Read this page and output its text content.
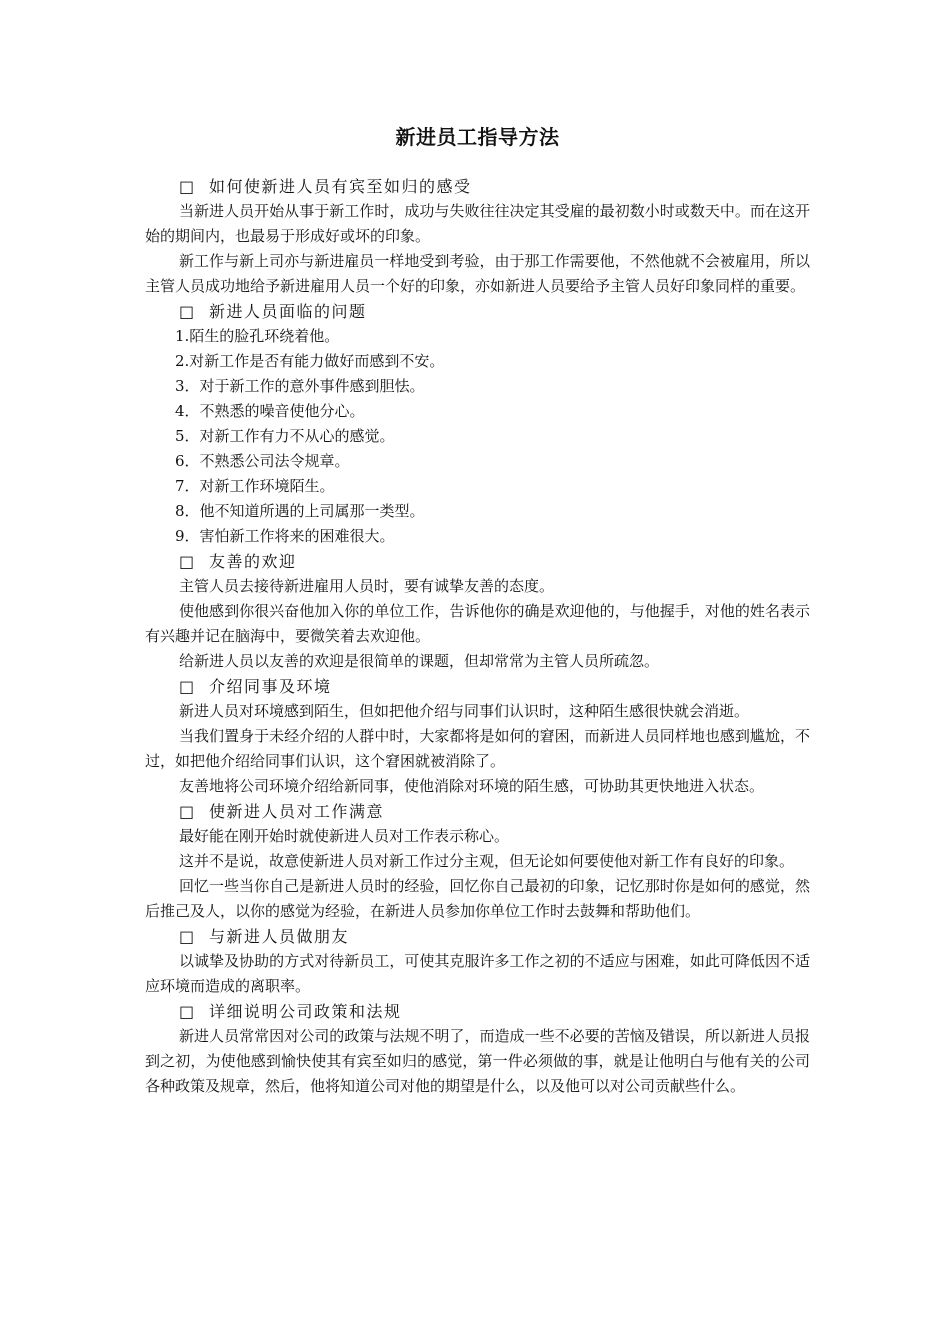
新进员工指导方法
□ 如何使新进人员有宾至如归的感受

当新进人员开始从事于新工作时，成功与失败往往决定其受雇的最初数小时或数天中。而在这开始的期间内，也最易于形成好或坏的印象。

新工作与新上司亦与新进雇员一样地受到考验，由于那工作需要他，不然他就不会被雇用，所以主管人员成功地给予新进雇用人员一个好的印象，亦如新进人员要给予主管人员好印象同样的重要。

□ 新进人员面临的问题

1.陌生的脸孔环绕着他。

2.对新工作是否有能力做好而感到不安。

3．对于新工作的意外事件感到胆怯。

4．不熟悉的噪音使他分心。

5．对新工作有力不从心的感觉。

6．不熟悉公司法令规章。

7．对新工作环境陌生。

8．他不知道所遇的上司属那一类型。

9．害怕新工作将来的困难很大。

□ 友善的欢迎

主管人员去接待新进雇用人员时，要有诚挚友善的态度。

使他感到你很兴奋他加入你的单位工作，告诉他你的确是欢迎他的，与他握手，对他的姓名表示有兴趣并记在脑海中，要微笑着去欢迎他。

给新进人员以友善的欢迎是很简单的课题，但却常常为主管人员所疏忽。

□ 介绍同事及环境

新进人员对环境感到陌生，但如把他介绍与同事们认识时，这种陌生感很快就会消逝。

当我们置身于未经介绍的人群中时，大家都将是如何的窘困，而新进人员同样地也感到尴尬，不过，如把他介绍给同事们认识，这个窘困就被消除了。

友善地将公司环境介绍给新同事，使他消除对环境的陌生感，可协助其更快地进入状态。

□ 使新进人员对工作满意

最好能在刚开始时就使新进人员对工作表示称心。

这并不是说，故意使新进人员对新工作过分主观，但无论如何要使他对新工作有良好的印象。

回忆一些当你自己是新进人员时的经验，回忆你自己最初的印象，记忆那时你是如何的感觉，然后推己及人，以你的感觉为经验，在新进人员参加你单位工作时去鼓舞和帮助他们。

□ 与新进人员做朋友

以诚挚及协助的方式对待新员工，可使其克服许多工作之初的不适应与困难，如此可降低因不适应环境而造成的离职率。

□ 详细说明公司政策和法规

新进人员常常因对公司的政策与法规不明了，而造成一些不必要的苦恼及错误，所以新进人员报到之初，为使他感到愉快使其有宾至如归的感觉，第一件必须做的事，就是让他明白与他有关的公司各种政策及规章，然后，他将知道公司对他的期望是什么，以及他可以对公司贡献些什么。
